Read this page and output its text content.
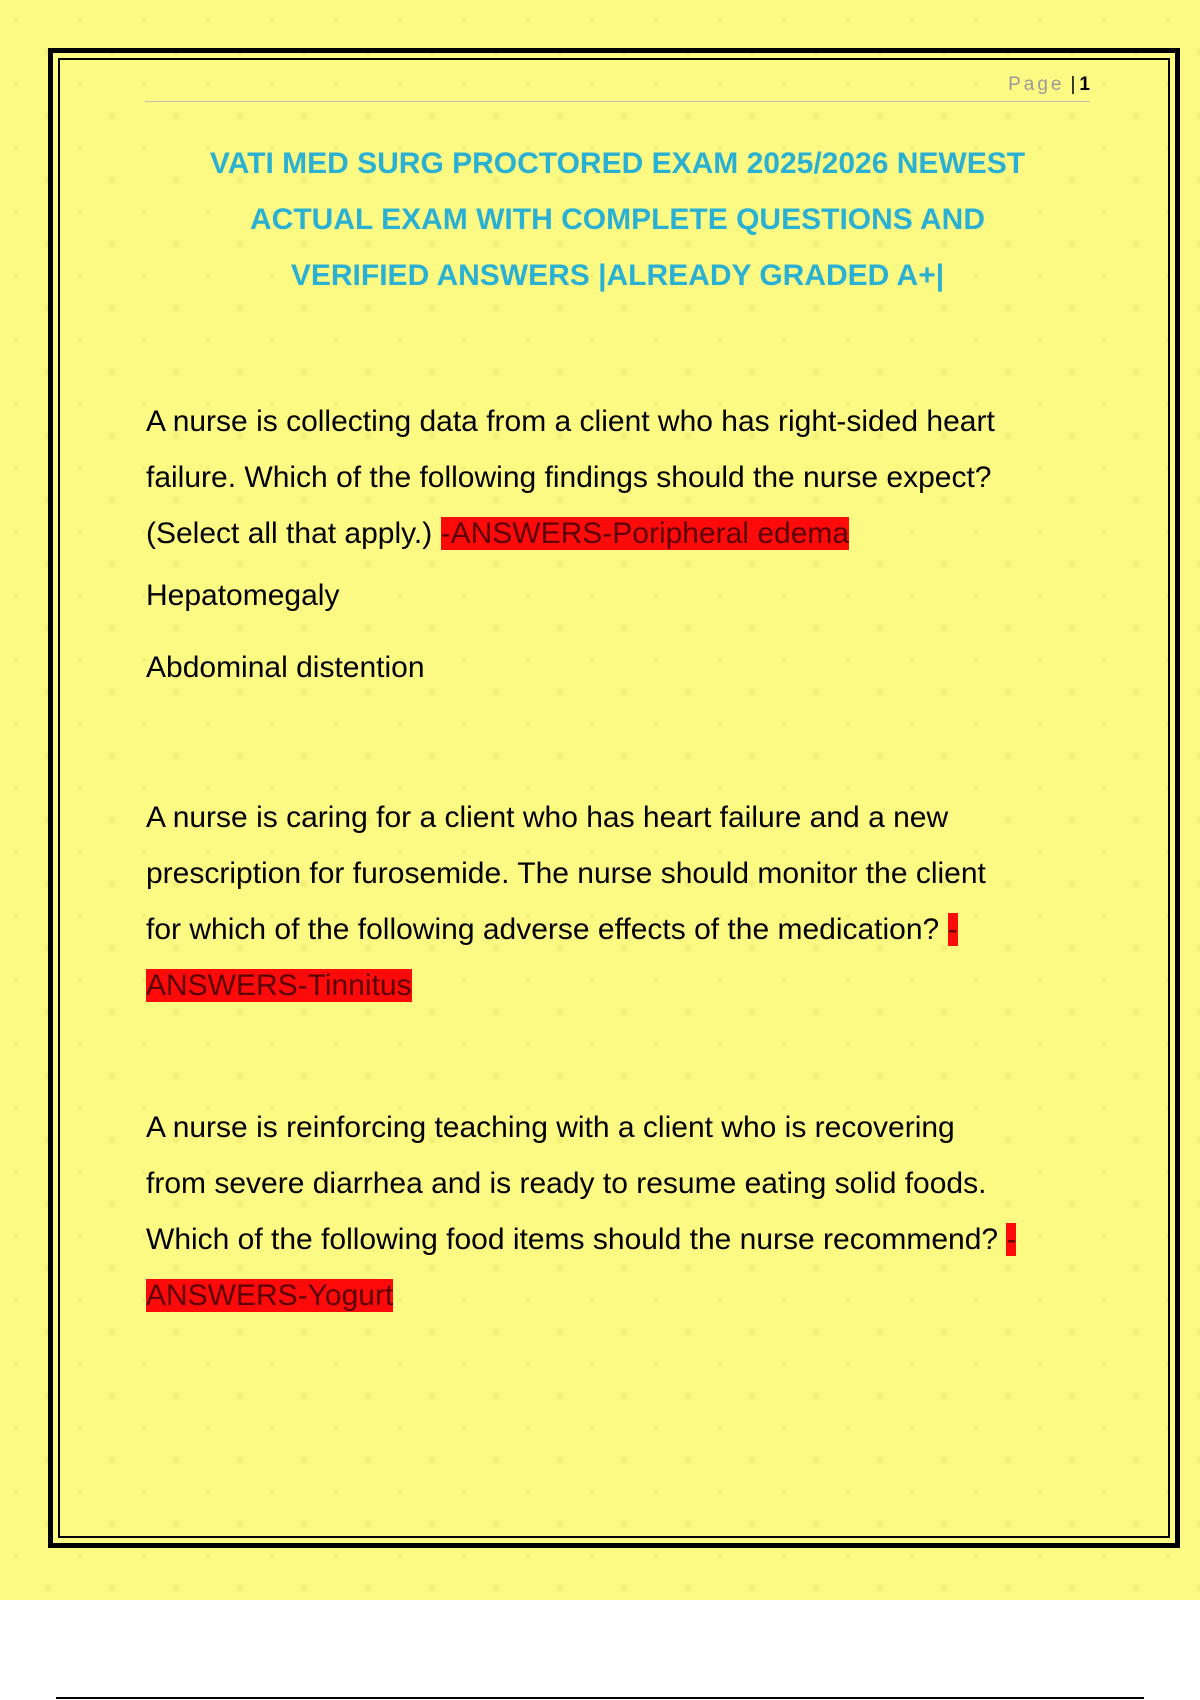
Page | 1
VATI MED SURG PROCTORED EXAM 2025/2026 NEWEST
ACTUAL EXAM WITH COMPLETE QUESTIONS AND
VERIFIED ANSWERS |ALREADY GRADED A+|
A nurse is collecting data from a client who has right-sided heart
failure. Which of the following findings should the nurse expect?
(Select all that apply.) -ANSWERS-Poripheral edema
Hepatomegaly
Abdominal distention
A nurse is caring for a client who has heart failure and a new
prescription for furosemide. The nurse should monitor the client
for which of the following adverse effects of the medication? -
ANSWERS-Tinnitus
A nurse is reinforcing teaching with a client who is recovering
from severe diarrhea and is ready to resume eating solid foods.
Which of the following food items should the nurse recommend? -
ANSWERS-Yogurt
